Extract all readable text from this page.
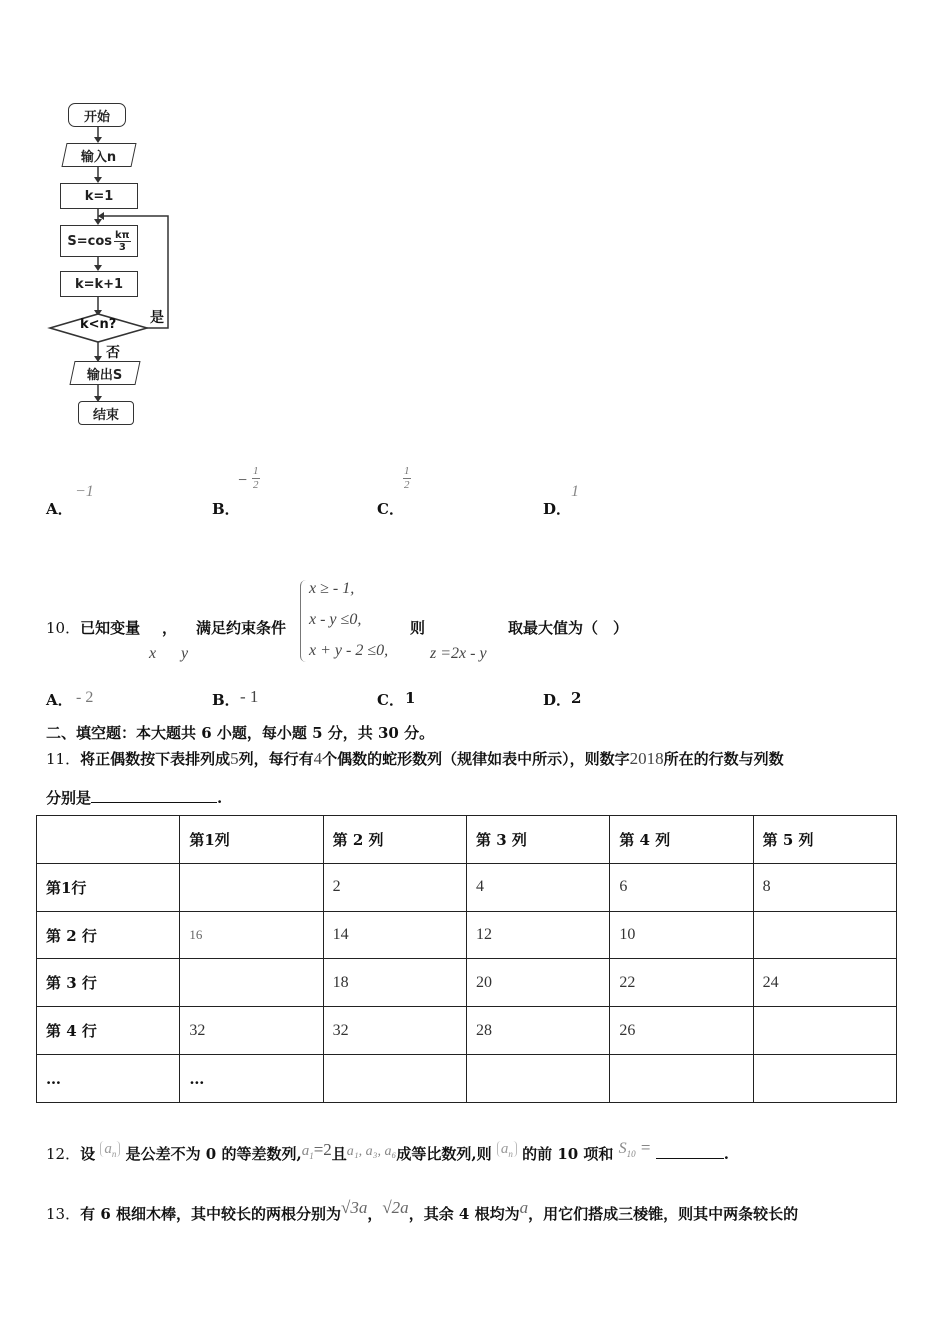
开始
输入n
k=1
S=cos kπ
3
k=k+1
k<n? 是
否
输出S
结束
A．
−1
B．
−
1
2
C．
1
2
D．
1
10．已知变量 ， 满足约束条件
x y
x ≥ - 1,
x - y ≤0,
x + y - 2 ≤0,
则
z =2x - y
取最大值为（　）
A． - 2	B． - 1	C． 1	D． 2
二、填空题：本大题共 6 小题，每小题 5 分，共 30 分。
11．将正偶数按下表排列成5列，每行有4个偶数的蛇形数列（规律如表中所示），则数字2018所在的行数与列数
分别是	.
	第1列	第 2 列	第 3 列	第 4 列	第 5 列
第1行		2	4	6	8
第 2 行	16	14	12	10	
第 3 行		18	20	22	24
第 4 行	32	32	28	26	
…	…				
12．设 $a_n$ 是公差不为 0 的等差数列$,a_1=2$且a₁, a₃, a₆成等比数列,则 $a_n$ 的前 10 项和 $S_{10}$ =	.
13．有 6 根细木棒，其中较长的两根分别为√3a，√2a，其余 4 根均为a，用它们搭成三棱锥，则其中两条较长的
